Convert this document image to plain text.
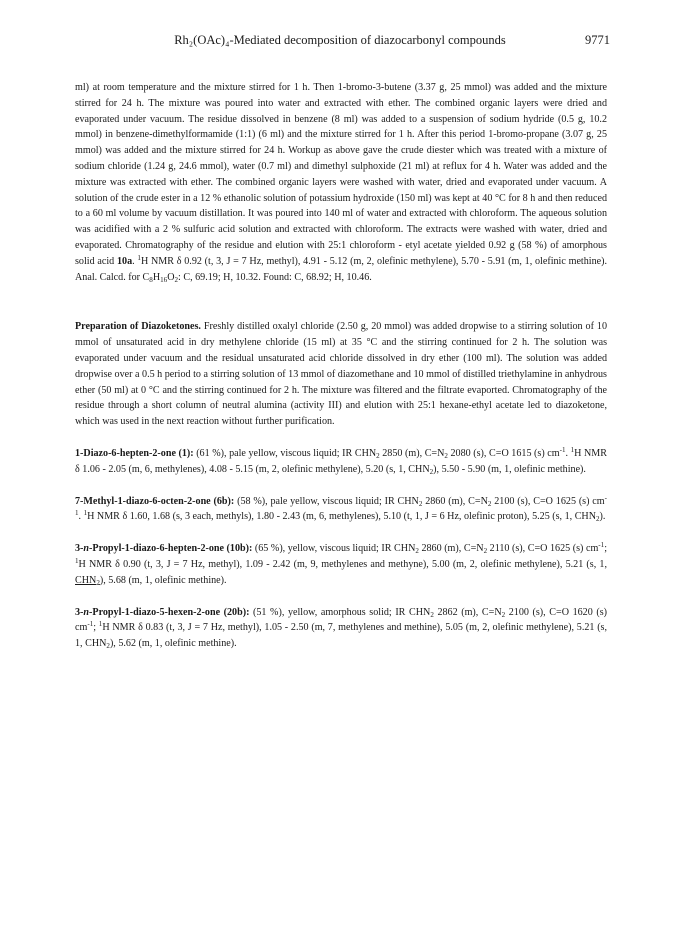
Rh₂(OAc)₄-Mediated decomposition of diazocarbonyl compounds	9771

ml) at room temperature and the mixture stirred for 1 h. Then 1-bromo-3-butene (3.37 g, 25 mmol) was added and the mixture stirred for 24 h. The mixture was poured into water and extracted with ether. The combined organic layers were dried and evaporated under vacuum. The residue dissolved in benzene (8 ml) was added to a suspension of sodium hydride (0.5 g, 10.2 mmol) in benzene-dimethylformamide (1:1) (6 ml) and the mixture stirred for 1 h. After this period 1-bromo-propane (3.07 g, 25 mmol) was added and the mixture stirred for 24 h. Workup as above gave the crude diester which was treated with a mixture of sodium chloride (1.24 g, 24.6 mmol), water (0.7 ml) and dimethyl sulphoxide (21 ml) at reflux for 4 h. Water was added and the mixture was extracted with ether. The combined organic layers were washed with water, dried and evaporated under vacuum. A solution of the crude ester in a 12 % ethanolic solution of potassium hydroxide (150 ml) was kept at 40 °C for 8 h and then reduced to a 60 ml volume by vacuum distillation. It was poured into 140 ml of water and extracted with chloroform. The aqueous solution was acidified with a 2 % sulfuric acid solution and extracted with chloroform. The extracts were washed with water, dried and evaporated. Chromatography of the residue and elution with 25:1 chloroform - etyl acetate yielded 0.92 g (58 %) of amorphous solid acid 10a. $^1$H NMR δ 0.92 (t, 3, J = 7 Hz, methyl), 4.91 - 5.12 (m, 2, olefinic methylene), 5.70 - 5.91 (m, 1, olefinic methine). Anal. Calcd. for $C_8H_{16}O_2$: C, 69.19; H, 10.32. Found: C, 68.92; H, 10.46.

Preparation of Diazoketones. Freshly distilled oxalyl chloride (2.50 g, 20 mmol) was added dropwise to a stirring solution of 10 mmol of unsaturated acid in dry methylene chloride (15 ml) at 35 °C and the stirring continued for 2 h. The solution was evaporated under vacuum and the residual unsaturated acid chloride dissolved in dry ether (100 ml). The solution was added dropwise over a 0.5 h period to a stirring solution of 13 mmol of diazomethane and 10 mmol of distilled triethylamine in anhydrous ether (50 ml) at 0 °C and the stirring continued for 2 h. The mixture was filtered and the filtrate evaported. Chromatography of the residue through a short column of neutral alumina (activity III) and elution with 25:1 hexane-ethyl acetate led to diazoketone, which was used in the next reaction without further purification.

1-Diazo-6-hepten-2-one (1): (61 %), pale yellow, viscous liquid; IR $CHN_2$ 2850 (m), $C=N_2$ 2080 (s), C=O 1615 (s) $cm^{-1}$. $^1$H NMR δ 1.06 - 2.05 (m, 6, methylenes), 4.08 - 5.15 (m, 2, olefinic methylene), 5.20 (s, 1, $CHN_2$), 5.50 - 5.90 (m, 1, olefinic methine).

7-Methyl-1-diazo-6-octen-2-one (6b): (58 %), pale yellow, viscous liquid; IR $CHN_2$ 2860 (m), $C=N_2$ 2100 (s), C=O 1625 (s) $cm^{-1}$. $^1$H NMR δ 1.60, 1.68 (s, 3 each, methyls), 1.80 - 2.43 (m, 6, methylenes), 5.10 (t, 1, J = 6 Hz, olefinic proton), 5.25 (s, 1, $CHN_2$).

3-n-Propyl-1-diazo-6-hepten-2-one (10b): (65 %), yellow, viscous liquid; IR $CHN_2$ 2860 (m), $C=N_2$ 2110 (s), C=O 1625 (s) $cm^{-1}$; $^1$H NMR δ 0.90 (t, 3, J = 7 Hz, methyl), 1.09 - 2.42 (m, 9, methylenes and methyne), 5.00 (m, 2, olefinic methylene), 5.21 (s, 1, $CHN_2$), 5.68 (m, 1, olefinic methine).

3-n-Propyl-1-diazo-5-hexen-2-one (20b): (51 %), yellow, amorphous solid; IR $CHN_2$ 2862 (m), $C=N_2$ 2100 (s), C=O 1620 (s) $cm^{-1}$; $^1$H NMR δ 0.83 (t, 3, J = 7 Hz, methyl), 1.05 - 2.50 (m, 7, methylenes and methine), 5.05 (m, 2, olefinic methylene), 5.21 (s, 1, $CHN_2$), 5.62 (m, 1, olefinic methine).
